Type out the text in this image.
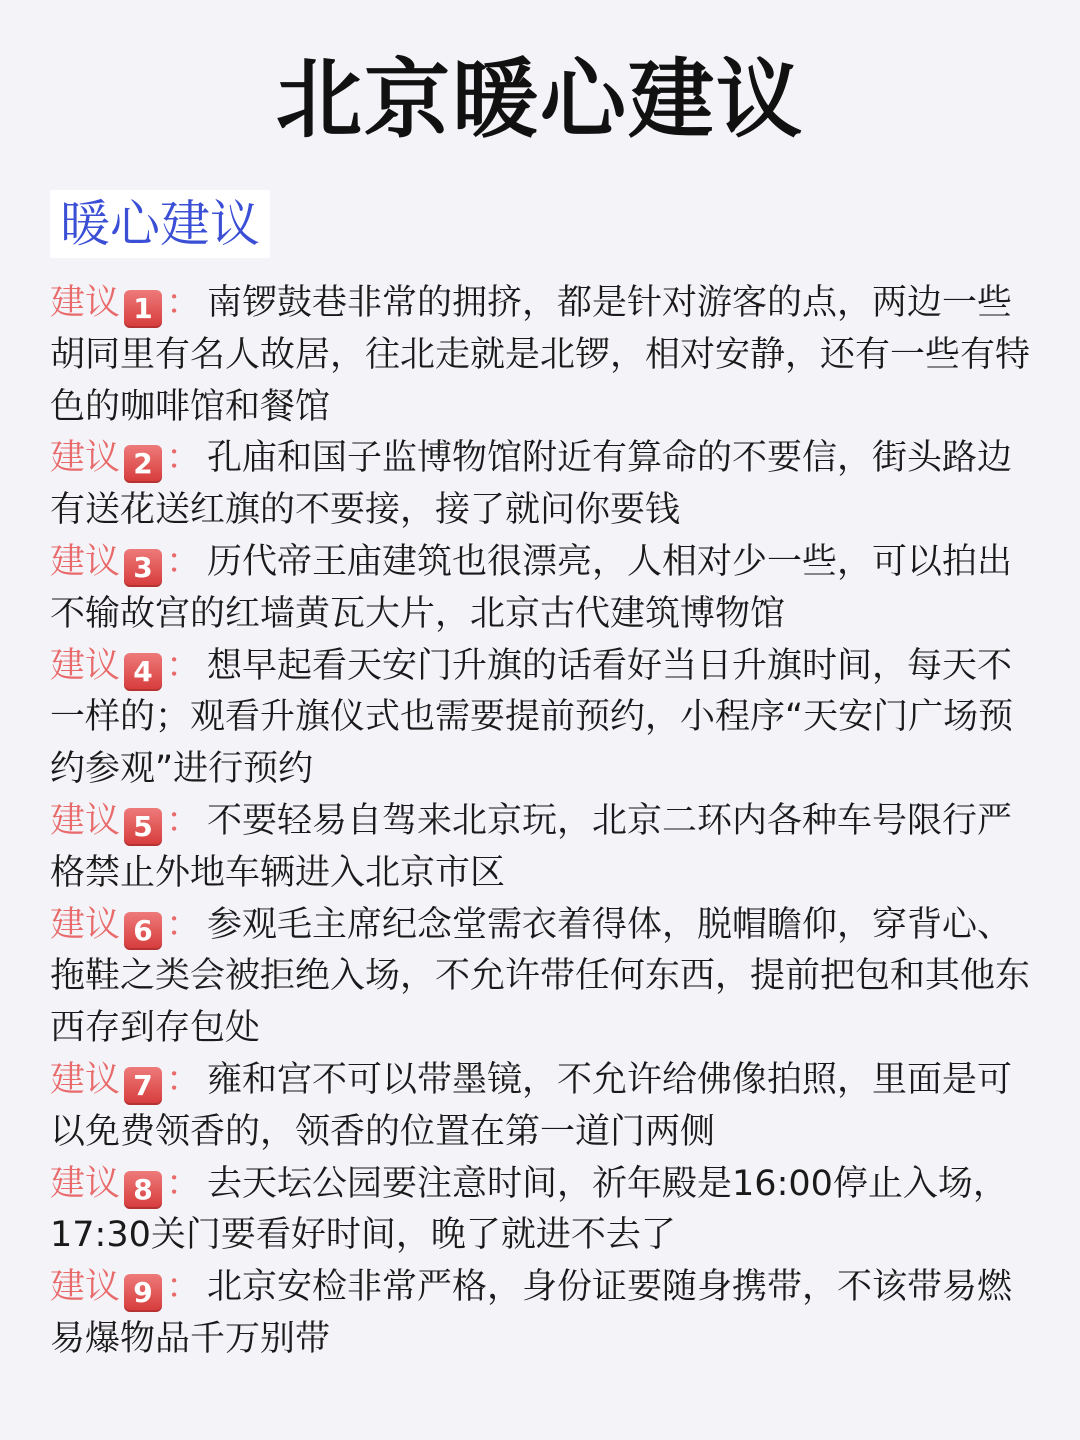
北京暖心建议
暖心建议

建议 1 ： 南锣鼓巷非常的拥挤，都是针对游客的点，两边一些胡同里有名人故居，往北走就是北锣，相对安静，还有一些有特色的咖啡馆和餐馆

建议 2 ： 孔庙和国子监博物馆附近有算命的不要信，街头路边有送花送红旗的不要接，接了就问你要钱

建议 3 ： 历代帝王庙建筑也很漂亮，人相对少一些，可以拍出不输故宫的红墙黄瓦大片，北京古代建筑博物馆

建议 4 ： 想早起看天安门升旗的话看好当日升旗时间，每天不一样的；观看升旗仪式也需要提前预约，小程序“天安门广场预约参观”进行预约

建议 5 ： 不要轻易自驾来北京玩，北京二环内各种车号限行严格禁止外地车辆进入北京市区

建议 6 ： 参观毛主席纪念堂需衣着得体，脱帽瞻仰，穿背心、拖鞋之类会被拒绝入场，不允许带任何东西，提前把包和其他东西存到存包处

建议 7 ： 雍和宫不可以带墨镜，不允许给佛像拍照，里面是可以免费领香的，领香的位置在第一道门两侧

建议 8 ： 去天坛公园要注意时间，祈年殿是16:00停止入场，17:30关门要看好时间，晚了就进不去了

建议 9 ： 北京安检非常严格，身份证要随身携带，不该带易燃易爆物品千万别带
